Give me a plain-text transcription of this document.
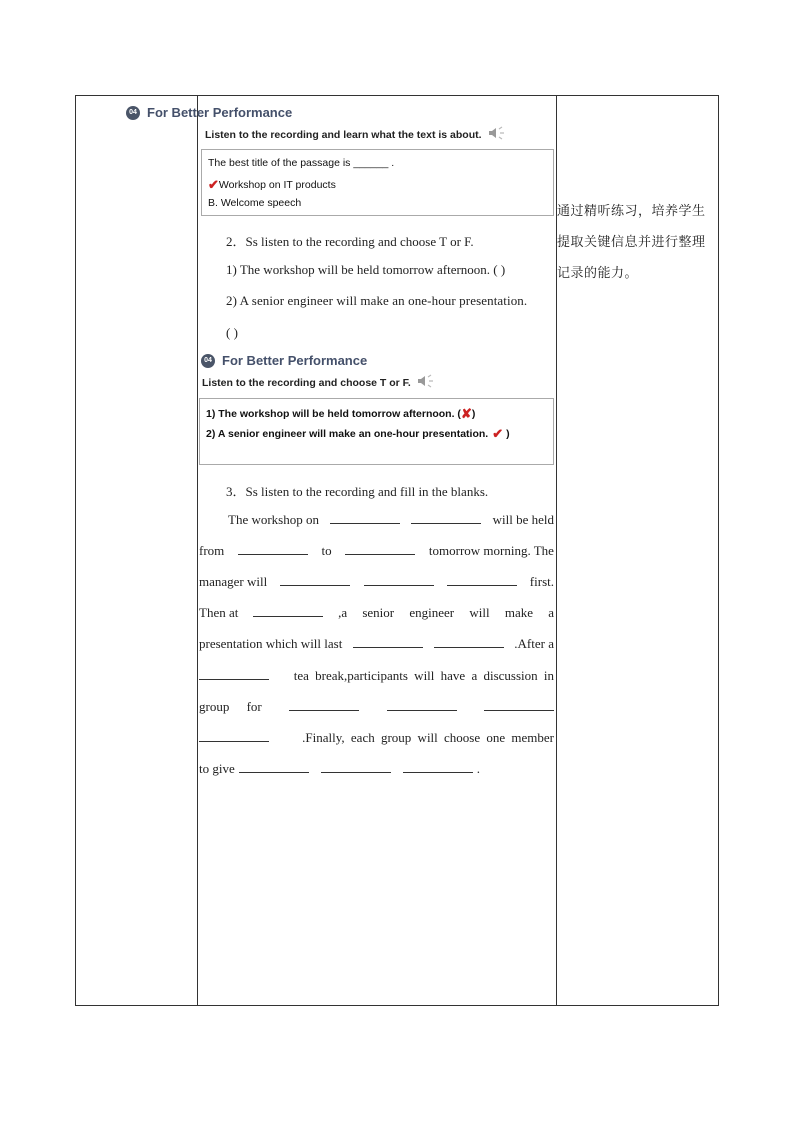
04 For Better Performance
Listen to the recording and learn what the text is about.
The best title of the passage is ______ .
✔ Workshop on IT products
B. Welcome speech
2．Ss listen to the recording and choose T or F.
1) The workshop will be held tomorrow afternoon. ( )
2) A senior engineer will make an one-hour presentation.
( )
04 For Better Performance
Listen to the recording and choose T or F.
1) The workshop will be held tomorrow afternoon. ( ✘ )
2) A senior engineer will make an one-hour presentation. ✔ )
3．Ss listen to the recording and fill in the blanks.
The workshop on	will be held
from	to	tomorrow morning. The
manager will	first.
Then at	,a senior engineer will make a
presentation which will last	.After a
tea break,participants will have a discussion in
group for
.Finally, each group will choose one member
to give	.
通过精听练习，培养学生
提取关键信息并进行整理
记录的能力。
